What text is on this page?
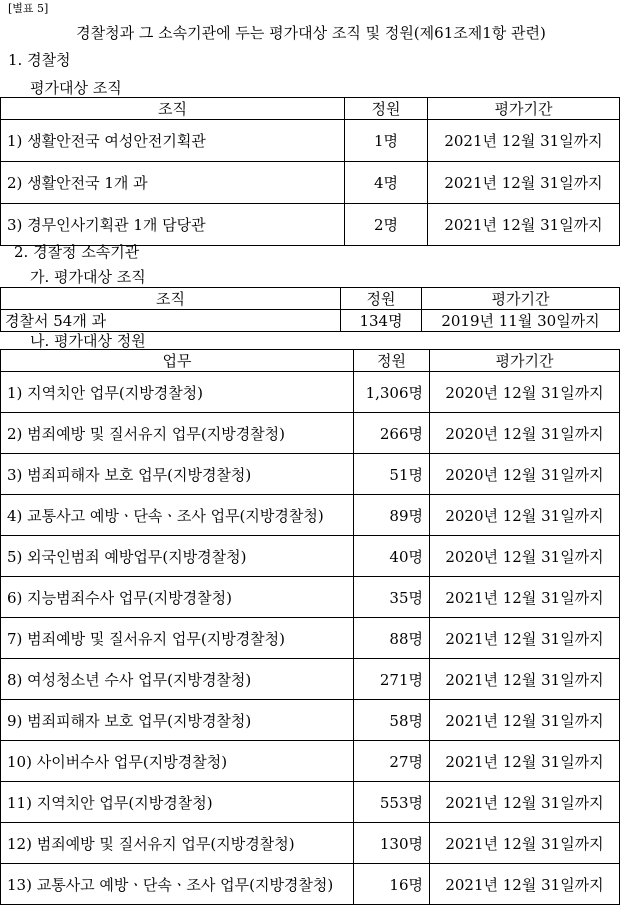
[별표 5]
경찰청과 그 소속기관에 두는 평가대상 조직 및 정원(제61조제1항 관련)
1. 경찰청
평가대상 조직
조직	정원	평가기간
1) 생활안전국 여성안전기획관	1명	2021년 12월 31일까지
2) 생활안전국 1개 과	4명	2021년 12월 31일까지
3) 경무인사기획관 1개 담당관	2명	2021년 12월 31일까지
2. 경찰청 소속기관
가. 평가대상 조직
조직	정원	평가기간
경찰서 54개 과	134명	2019년 11월 30일까지
나. 평가대상 정원
업무	정원	평가기간
1) 지역치안 업무(지방경찰청)	1,306명	2020년 12월 31일까지
2) 범죄예방 및 질서유지 업무(지방경찰청)	266명	2020년 12월 31일까지
3) 범죄피해자 보호 업무(지방경찰청)	51명	2020년 12월 31일까지
4) 교통사고 예방ㆍ단속ㆍ조사 업무(지방경찰청)	89명	2020년 12월 31일까지
5) 외국인범죄 예방업무(지방경찰청)	40명	2020년 12월 31일까지
6) 지능범죄수사 업무(지방경찰청)	35명	2021년 12월 31일까지
7) 범죄예방 및 질서유지 업무(지방경찰청)	88명	2021년 12월 31일까지
8) 여성청소년 수사 업무(지방경찰청)	271명	2021년 12월 31일까지
9) 범죄피해자 보호 업무(지방경찰청)	58명	2021년 12월 31일까지
10) 사이버수사 업무(지방경찰청)	27명	2021년 12월 31일까지
11) 지역치안 업무(지방경찰청)	553명	2021년 12월 31일까지
12) 범죄예방 및 질서유지 업무(지방경찰청)	130명	2021년 12월 31일까지
13) 교통사고 예방ㆍ단속ㆍ조사 업무(지방경찰청)	16명	2021년 12월 31일까지
